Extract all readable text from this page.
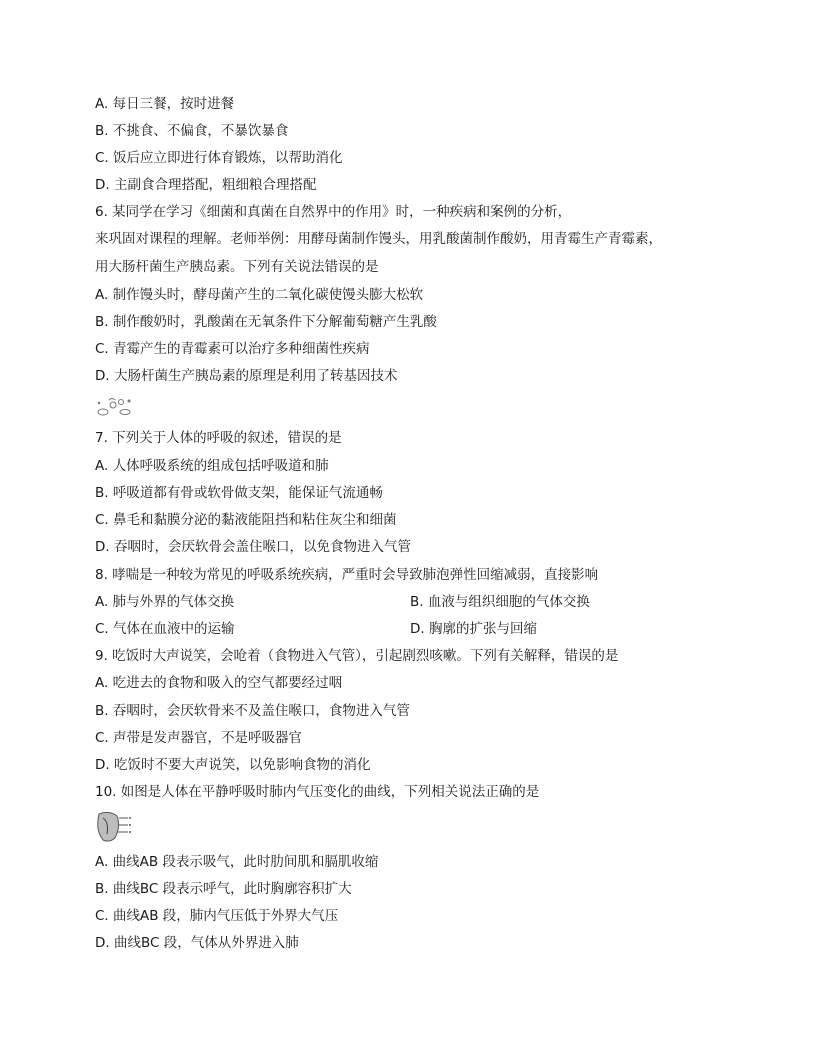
A. 每日三餐，按时进餐
B. 不挑食、不偏食，不暴饮暴食
C. 饭后应立即进行体育锻炼，以帮助消化
D. 主副食合理搭配，粗细粮合理搭配
6. 某同学在学习《细菌和真菌在自然界中的作用》时，一种疾病和案例的分析，
来巩固对课程的理解。老师举例：用酵母菌制作馒头，用乳酸菌制作酸奶，用青霉生产青霉素，
用大肠杆菌生产胰岛素。下列有关说法错误的是
A. 制作馒头时，酵母菌产生的二氧化碳使馒头膨大松软
B. 制作酸奶时，乳酸菌在无氧条件下分解葡萄糖产生乳酸
C. 青霉产生的青霉素可以治疗多种细菌性疾病
D. 大肠杆菌生产胰岛素的原理是利用了转基因技术
7. 下列关于人体的呼吸的叙述，错误的是
A. 人体呼吸系统的组成包括呼吸道和肺
B. 呼吸道都有骨或软骨做支架，能保证气流通畅
C. 鼻毛和黏膜分泌的黏液能阻挡和粘住灰尘和细菌
D. 吞咽时，会厌软骨会盖住喉口，以免食物进入气管
8. 哮喘是一种较为常见的呼吸系统疾病，严重时会导致肺泡弹性回缩减弱，直接影响
A. 肺与外界的气体交换	B. 血液与组织细胞的气体交换
C. 气体在血液中的运输	D. 胸廓的扩张与回缩
9. 吃饭时大声说笑，会呛着（食物进入气管），引起剧烈咳嗽。下列有关解释，错误的是
A. 吃进去的食物和吸入的空气都要经过咽
B. 吞咽时，会厌软骨来不及盖住喉口，食物进入气管
C. 声带是发声器官，不是呼吸器官
D. 吃饭时不要大声说笑，以免影响食物的消化
10. 如图是人体在平静呼吸时肺内气压变化的曲线，下列相关说法正确的是
A. 曲线AB 段表示吸气，此时肋间肌和膈肌收缩
B. 曲线BC 段表示呼气，此时胸廓容积扩大
C. 曲线AB 段，肺内气压低于外界大气压
D. 曲线BC 段，气体从外界进入肺
